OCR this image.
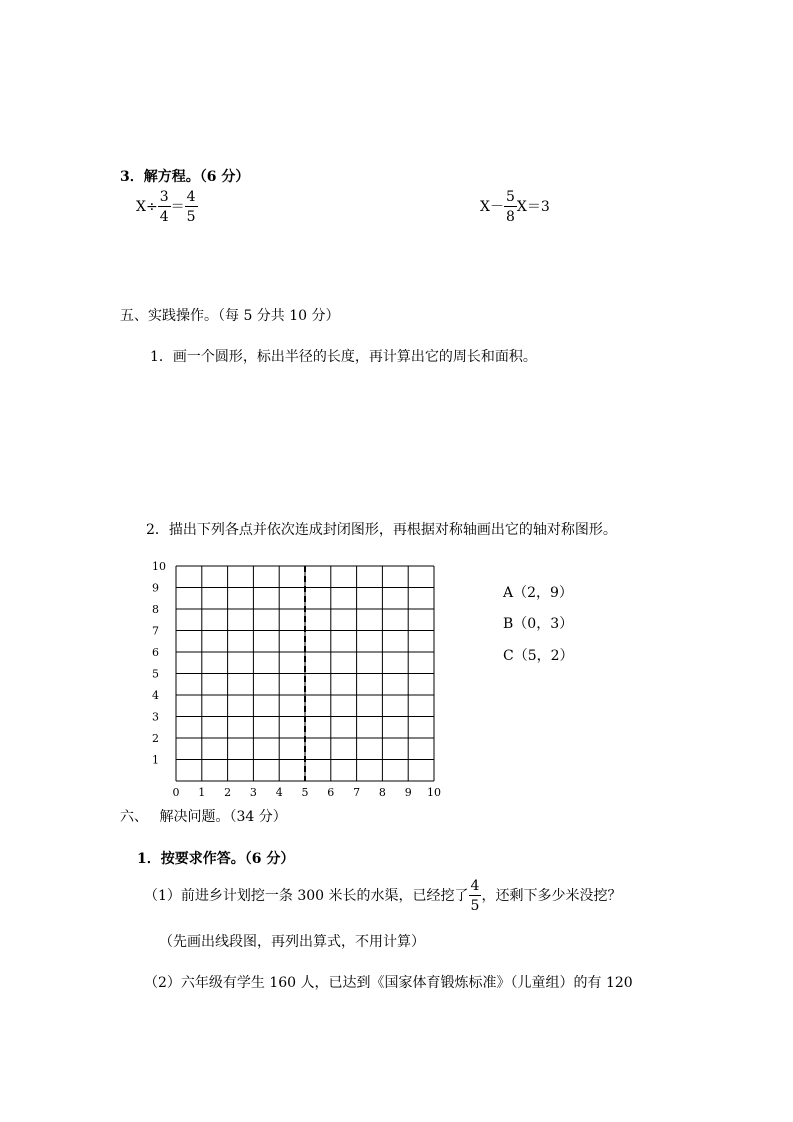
3．解方程。（6 分）
$X\div \frac{3}{4} = \frac{4}{5}$	$X- \frac{5}{8} X=3$
五、实践操作。（每 5 分共 10 分）
1．画一个圆形，标出半径的长度，再计算出它的周长和面积。
2．描出下列各点并依次连成封闭图形，再根据对称轴画出它的轴对称图形。
0 1 2 3 4 5 6 7 8 9 10
10
9
8
7
6
5
4
3
2
1
A（2，9）
B（0，3）
C（5，2）
六、　 解决问题。（34 分）
1．按要求作答。（6 分）
（1）前进乡计划挖一条 300 米长的水渠，已经挖了 $\frac{4}{5}$ ，还剩下多少米没挖？
（先画出线段图，再列出算式，不用计算）
（2）六年级有学生 160 人，已达到《国家体育锻炼标准》（儿童组）的有 120
